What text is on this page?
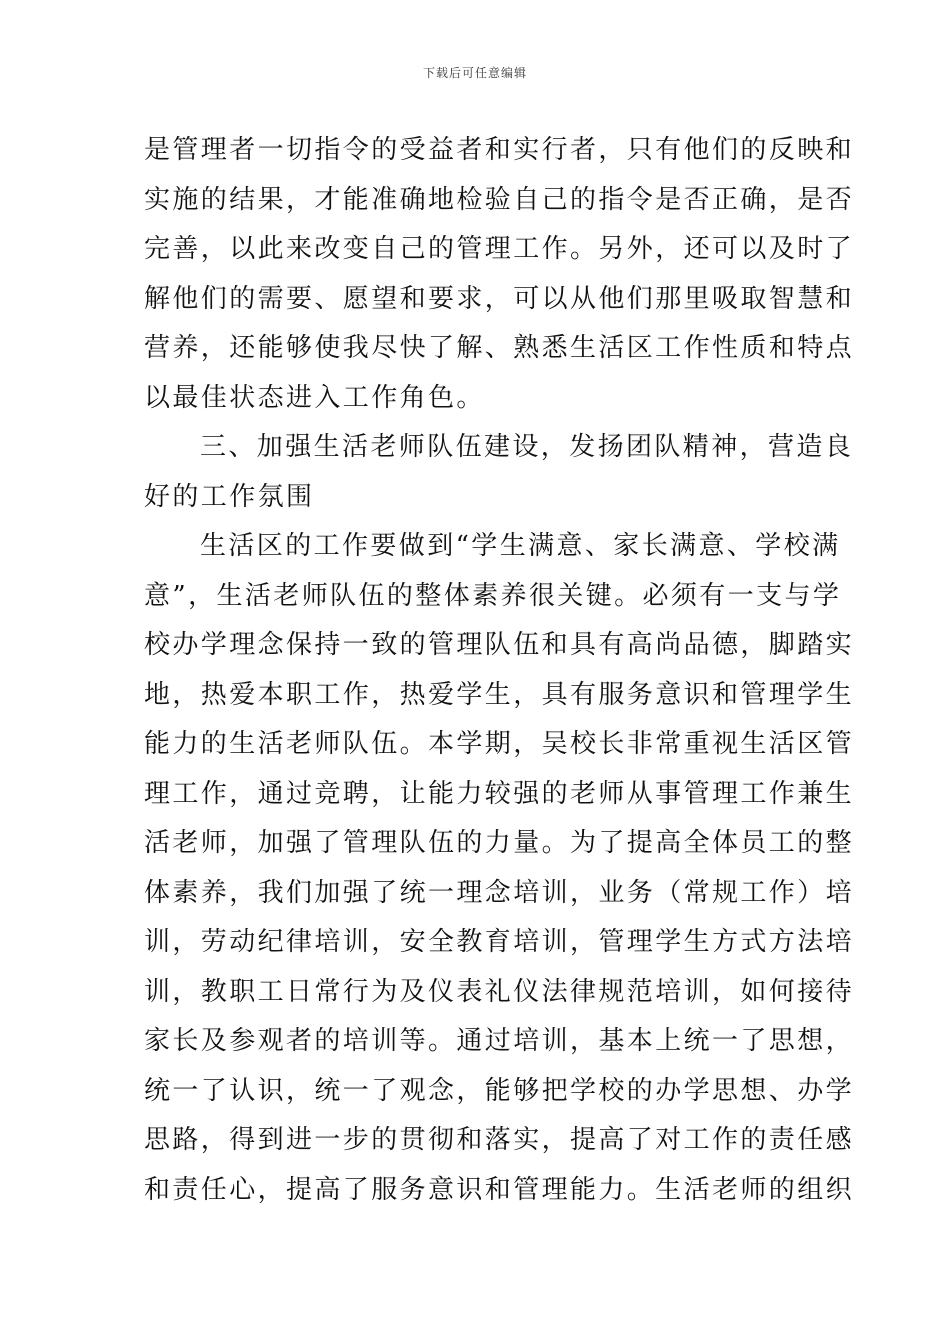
下载后可任意编辑
是管理者一切指令的受益者和实行者，只有他们的反映和
实施的结果，才能准确地检验自己的指令是否正确，是否
完善，以此来改变自己的管理工作。另外，还可以及时了
解他们的需要、愿望和要求，可以从他们那里吸取智慧和
营养，还能够使我尽快了解、熟悉生活区工作性质和特点
以最佳状态进入工作角色。
三、加强生活老师队伍建设，发扬团队精神，营造良
好的工作氛围
生活区的工作要做到“学生满意、家长满意、学校满
意”，生活老师队伍的整体素养很关键。必须有一支与学
校办学理念保持一致的管理队伍和具有高尚品德，脚踏实
地，热爱本职工作，热爱学生，具有服务意识和管理学生
能力的生活老师队伍。本学期，吴校长非常重视生活区管
理工作，通过竞聘，让能力较强的老师从事管理工作兼生
活老师，加强了管理队伍的力量。为了提高全体员工的整
体素养，我们加强了统一理念培训，业务（常规工作）培
训，劳动纪律培训，安全教育培训，管理学生方式方法培
训，教职工日常行为及仪表礼仪法律规范培训，如何接待
家长及参观者的培训等。通过培训，基本上统一了思想，
统一了认识，统一了观念，能够把学校的办学思想、办学
思路，得到进一步的贯彻和落实，提高了对工作的责任感
和责任心，提高了服务意识和管理能力。生活老师的组织
